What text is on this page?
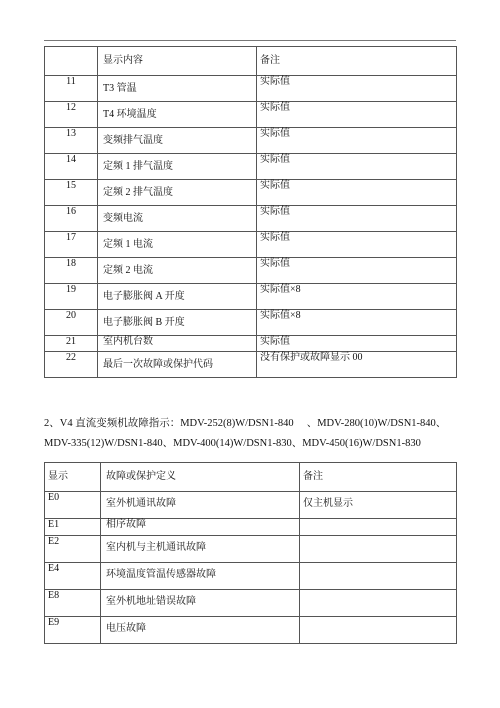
	显示内容	备注
11	T3 管温	实际值
12	T4 环境温度	实际值
13	变频排气温度	实际值
14	定频 1 排气温度	实际值
15	定频 2 排气温度	实际值
16	变频电流	实际值
17	定频 1 电流	实际值
18	定频 2 电流	实际值
19	电子膨胀阀 A 开度	实际值×8
20	电子膨胀阀 B 开度	实际值×8
21	室内机台数	实际值
22	最后一次故障或保护代码	没有保护或故障显示 00
2、V4 直流变频机故障指示：MDV-252(8)W/DSN1-840 　、MDV-280(10)W/DSN1-840、MDV-335(12)W/DSN1-840、MDV-400(14)W/DSN1-830、MDV-450(16)W/DSN1-830
显示	故障或保护定义	备注
E0	室外机通讯故障	仅主机显示

E1	相序故障	
E2	室内机与主机通讯故障	

E4	环境温度管温传感器故障	

E8	室外机地址错误故障	

E9	电压故障	
